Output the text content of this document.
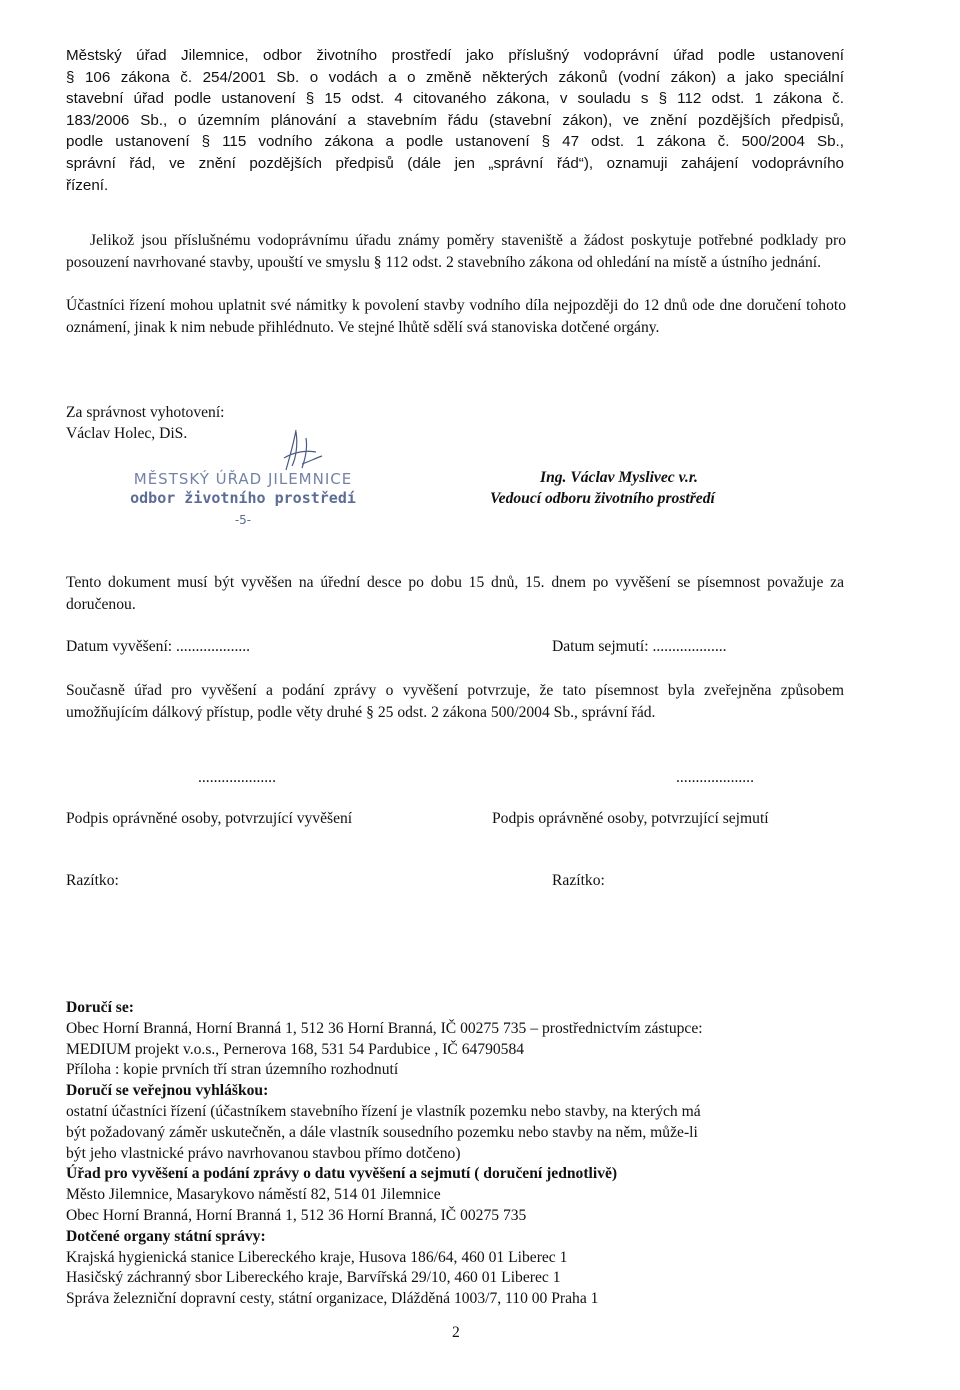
Městský úřad Jilemnice, odbor životního prostředí jako příslušný vodoprávní úřad podle ustanovení
§ 106 zákona č. 254/2001 Sb. o vodách a o změně některých zákonů (vodní zákon) a jako speciální
stavební úřad podle ustanovení § 15 odst. 4 citovaného zákona, v souladu s § 112 odst. 1 zákona č.
183/2006 Sb., o územním plánování a stavebním řádu (stavební zákon), ve znění pozdějších předpisů,
podle ustanovení § 115 vodního zákona a podle ustanovení § 47 odst. 1 zákona č. 500/2004 Sb.,
správní řád, ve znění pozdějších předpisů (dále jen „správní řád“), oznamuji zahájení vodoprávního
řízení.

Jelikož jsou příslušnému vodoprávnímu úřadu známy poměry staveniště a žádost poskytuje potřebné podklady pro posouzení navrhované stavby, upouští ve smyslu § 112 odst. 2 stavebního zákona od ohledání na místě a ústního jednání.

Účastníci řízení mohou uplatnit své námitky k povolení stavby vodního díla nejpozději do 12 dnů ode dne doručení tohoto oznámení, jinak k nim nebude přihlédnuto. Ve stejné lhůtě sdělí svá stanoviska dotčené orgány.

Za správnost vyhotovení:
Václav Holec, DiS.
MĚSTSKÝ ÚŘAD JILEMNICE
odbor životního prostředí
-5-
Ing. Václav Myslivec v.r.
Vedoucí odboru životního prostředí

Tento dokument musí být vyvěšen na úřední desce po dobu 15 dnů, 15. dnem po vyvěšení se písemnost považuje za doručenou.

Datum vyvěšení: ...................	Datum sejmutí: ...................

Současně úřad pro vyvěšení a podání zprávy o vyvěšení potvrzuje, že tato písemnost byla zveřejněna způsobem umožňujícím dálkový přístup, podle věty druhé § 25 odst. 2 zákona 500/2004 Sb., správní řád.

....................	....................
Podpis oprávněné osoby, potvrzující vyvěšení	Podpis oprávněné osoby, potvrzující sejmutí
Razítko:	Razítko:
Doručí se:
Obec Horní Branná, Horní Branná 1, 512 36 Horní Branná, IČ 00275 735 – prostřednictvím zástupce:
MEDIUM projekt v.o.s., Pernerova 168, 531 54 Pardubice , IČ 64790584
Příloha : kopie prvních tří stran územního rozhodnutí
Doručí se veřejnou vyhláškou:
ostatní účastníci řízení (účastníkem stavebního řízení je vlastník pozemku nebo stavby, na kterých má
být požadovaný záměr uskutečněn, a dále vlastník sousedního pozemku nebo stavby na něm, může-li
být jeho vlastnické právo navrhovanou stavbou přímo dotčeno)
Úřad pro vyvěšení a podání zprávy o datu vyvěšení a sejmutí ( doručení jednotlivě)
Město Jilemnice, Masarykovo náměstí 82, 514 01 Jilemnice
Obec Horní Branná, Horní Branná 1, 512 36 Horní Branná, IČ 00275 735
Dotčené organy státní správy:
Krajská hygienická stanice Libereckého kraje, Husova 186/64, 460 01 Liberec 1
Hasičský záchranný sbor Libereckého kraje, Barvířská 29/10, 460 01 Liberec 1
Správa železniční dopravní cesty, státní organizace, Dlážděná 1003/7, 110 00 Praha 1
2
